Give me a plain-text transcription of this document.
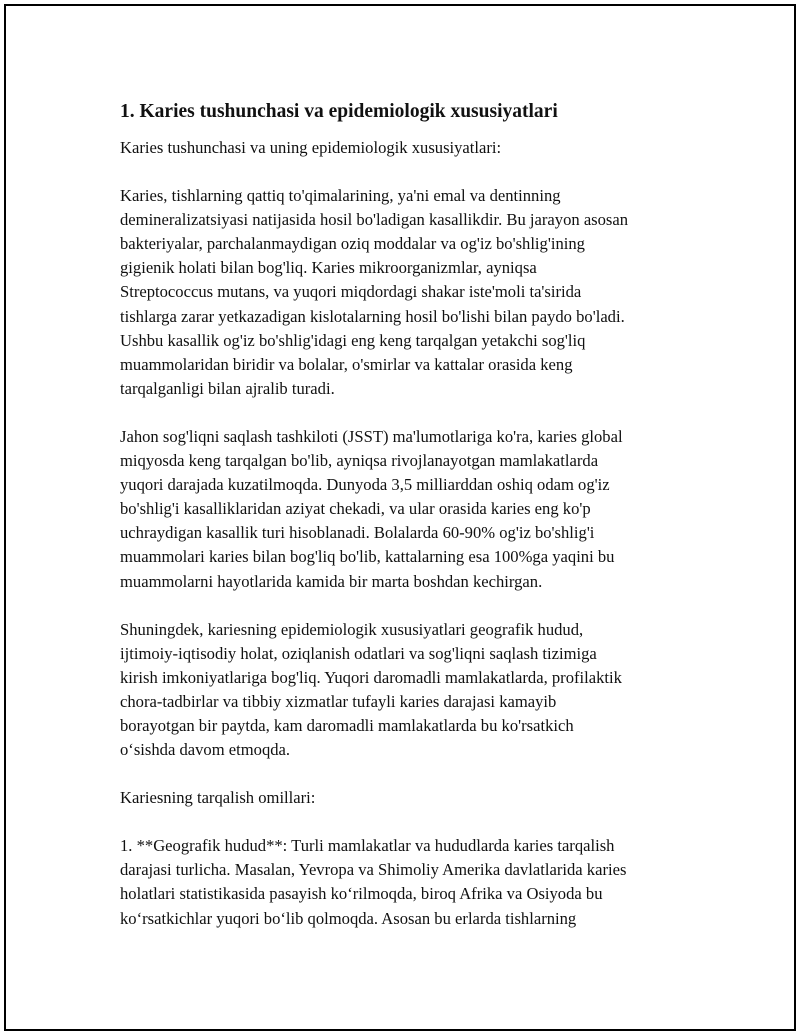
1. Karies tushunchasi va epidemiologik xususiyatlari

Karies tushunchasi va uning epidemiologik xususiyatlari:

Karies, tishlarning qattiq to'qimalarining, ya'ni emal va dentinning
demineralizatsiyasi natijasida hosil bo'ladigan kasallikdir. Bu jarayon asosan
bakteriyalar, parchalanmaydigan oziq moddalar va og'iz bo'shlig'ining
gigienik holati bilan bog'liq. Karies mikroorganizmlar, ayniqsa
Streptococcus mutans, va yuqori miqdordagi shakar iste'moli ta'sirida
tishlarga zarar yetkazadigan kislotalarning hosil bo'lishi bilan paydo bo'ladi.
Ushbu kasallik og'iz bo'shlig'idagi eng keng tarqalgan yetakchi sog'liq
muammolaridan biridir va bolalar, o'smirlar va kattalar orasida keng
tarqalganligi bilan ajralib turadi.

Jahon sog'liqni saqlash tashkiloti (JSST) ma'lumotlariga ko'ra, karies global
miqyosda keng tarqalgan bo'lib, ayniqsa rivojlanayotgan mamlakatlarda
yuqori darajada kuzatilmoqda. Dunyoda 3,5 milliarddan oshiq odam og'iz
bo'shlig'i kasalliklaridan aziyat chekadi, va ular orasida karies eng ko'p
uchraydigan kasallik turi hisoblanadi. Bolalarda 60-90% og'iz bo'shlig'i
muammolari karies bilan bog'liq bo'lib, kattalarning esa 100%ga yaqini bu
muammolarni hayotlarida kamida bir marta boshdan kechirgan.

Shuningdek, kariesning epidemiologik xususiyatlari geografik hudud,
ijtimoiy-iqtisodiy holat, oziqlanish odatlari va sog'liqni saqlash tizimiga
kirish imkoniyatlariga bog'liq. Yuqori daromadli mamlakatlarda, profilaktik
chora-tadbirlar va tibbiy xizmatlar tufayli karies darajasi kamayib
borayotgan bir paytda, kam daromadli mamlakatlarda bu ko'rsatkich
o‘sishda davom etmoqda.

Kariesning tarqalish omillari:

1. **Geografik hudud**: Turli mamlakatlar va hududlarda karies tarqalish
darajasi turlicha. Masalan, Yevropa va Shimoliy Amerika davlatlarida karies
holatlari statistikasida pasayish ko‘rilmoqda, biroq Afrika va Osiyoda bu
ko‘rsatkichlar yuqori bo‘lib qolmoqda. Asosan bu erlarda tishlarning
